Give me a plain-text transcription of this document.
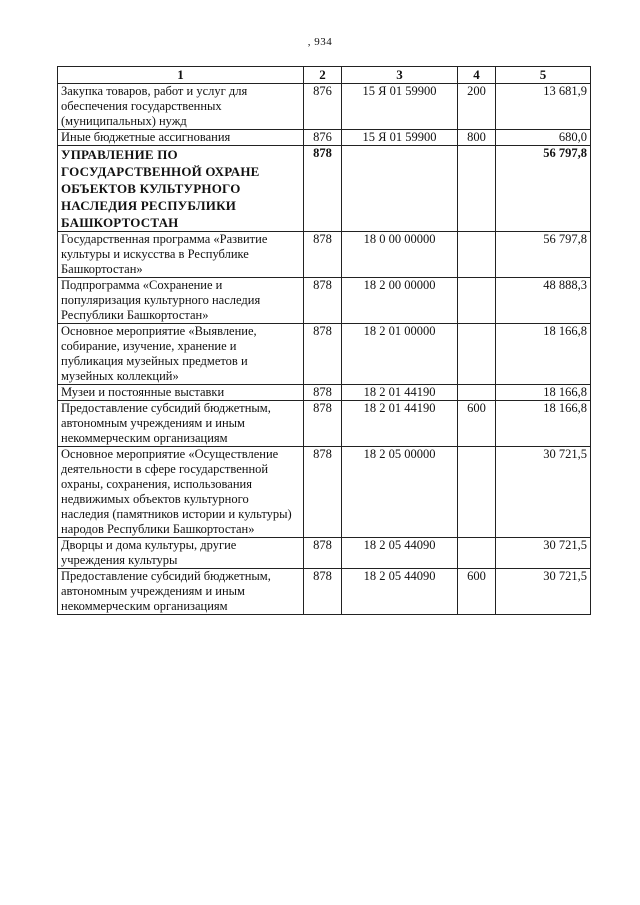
, 934
1	2	3	4	5
Закупка товаров, работ и услуг для обеспечения государственных (муниципальных) нужд	876	15 Я 01 59900	200	13 681,9
Иные бюджетные ассигнования	876	15 Я 01 59900	800	680,0
УПРАВЛЕНИЕ ПО ГОСУДАРСТВЕННОЙ ОХРАНЕ ОБЪЕКТОВ КУЛЬТУРНОГО НАСЛЕДИЯ РЕСПУБЛИКИ БАШКОРТОСТАН	878			56 797,8
Государственная программа «Развитие культуры и искусства в Республике Башкортостан»	878	18 0 00 00000		56 797,8
Подпрограмма «Сохранение и популяризация культурного наследия Республики Башкортостан»	878	18 2 00 00000		48 888,3
Основное мероприятие «Выявление, собирание, изучение, хранение и публикация музейных предметов и музейных коллекций»	878	18 2 01 00000		18 166,8
Музеи и постоянные выставки	878	18 2 01 44190		18 166,8
Предоставление субсидий бюджетным, автономным учреждениям и иным некоммерческим организациям	878	18 2 01 44190	600	18 166,8
Основное мероприятие «Осуществление деятельности в сфере государственной охраны, сохранения, использования недвижимых объектов культурного наследия (памятников истории и культуры) народов Республики Башкортостан»	878	18 2 05 00000		30 721,5
Дворцы и дома культуры, другие учреждения культуры	878	18 2 05 44090		30 721,5
Предоставление субсидий бюджетным, автономным учреждениям и иным некоммерческим организациям	878	18 2 05 44090	600	30 721,5
